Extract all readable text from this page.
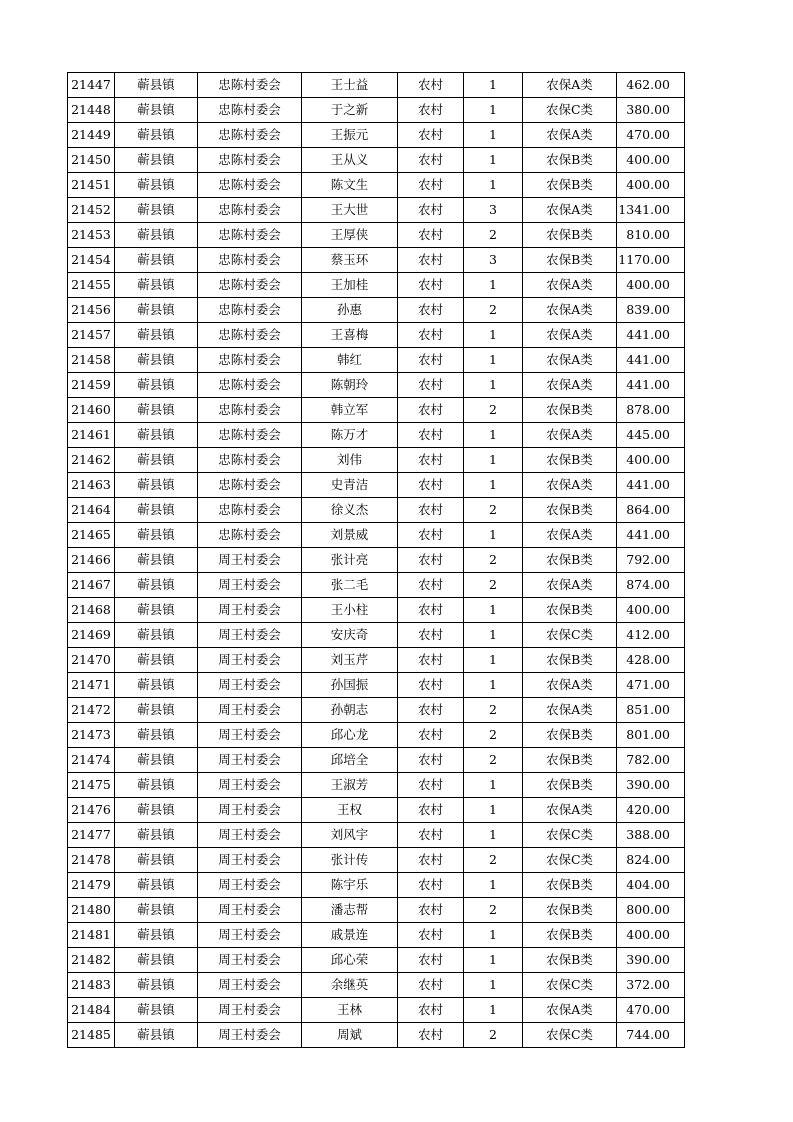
21447	蕲县镇	忠陈村委会	王士益	农村	1	农保A类	462.00
21448	蕲县镇	忠陈村委会	于之新	农村	1	农保C类	380.00
21449	蕲县镇	忠陈村委会	王振元	农村	1	农保A类	470.00
21450	蕲县镇	忠陈村委会	王从义	农村	1	农保B类	400.00
21451	蕲县镇	忠陈村委会	陈文生	农村	1	农保B类	400.00
21452	蕲县镇	忠陈村委会	王大世	农村	3	农保A类	1341.00
21453	蕲县镇	忠陈村委会	王厚侠	农村	2	农保B类	810.00
21454	蕲县镇	忠陈村委会	蔡玉环	农村	3	农保B类	1170.00
21455	蕲县镇	忠陈村委会	王加桂	农村	1	农保A类	400.00
21456	蕲县镇	忠陈村委会	孙惠	农村	2	农保A类	839.00
21457	蕲县镇	忠陈村委会	王喜梅	农村	1	农保A类	441.00
21458	蕲县镇	忠陈村委会	韩红	农村	1	农保A类	441.00
21459	蕲县镇	忠陈村委会	陈朝玲	农村	1	农保A类	441.00
21460	蕲县镇	忠陈村委会	韩立军	农村	2	农保B类	878.00
21461	蕲县镇	忠陈村委会	陈万才	农村	1	农保A类	445.00
21462	蕲县镇	忠陈村委会	刘伟	农村	1	农保B类	400.00
21463	蕲县镇	忠陈村委会	史青洁	农村	1	农保A类	441.00
21464	蕲县镇	忠陈村委会	徐义杰	农村	2	农保B类	864.00
21465	蕲县镇	忠陈村委会	刘景威	农村	1	农保A类	441.00
21466	蕲县镇	周王村委会	张计亮	农村	2	农保B类	792.00
21467	蕲县镇	周王村委会	张二毛	农村	2	农保A类	874.00
21468	蕲县镇	周王村委会	王小柱	农村	1	农保B类	400.00
21469	蕲县镇	周王村委会	安庆奇	农村	1	农保C类	412.00
21470	蕲县镇	周王村委会	刘玉芹	农村	1	农保B类	428.00
21471	蕲县镇	周王村委会	孙国振	农村	1	农保A类	471.00
21472	蕲县镇	周王村委会	孙朝志	农村	2	农保A类	851.00
21473	蕲县镇	周王村委会	邱心龙	农村	2	农保B类	801.00
21474	蕲县镇	周王村委会	邱培全	农村	2	农保B类	782.00
21475	蕲县镇	周王村委会	王淑芳	农村	1	农保B类	390.00
21476	蕲县镇	周王村委会	王权	农村	1	农保A类	420.00
21477	蕲县镇	周王村委会	刘风宇	农村	1	农保C类	388.00
21478	蕲县镇	周王村委会	张计传	农村	2	农保C类	824.00
21479	蕲县镇	周王村委会	陈宇乐	农村	1	农保B类	404.00
21480	蕲县镇	周王村委会	潘志帮	农村	2	农保B类	800.00
21481	蕲县镇	周王村委会	戚景连	农村	1	农保B类	400.00
21482	蕲县镇	周王村委会	邱心荣	农村	1	农保B类	390.00
21483	蕲县镇	周王村委会	余继英	农村	1	农保C类	372.00
21484	蕲县镇	周王村委会	王林	农村	1	农保A类	470.00
21485	蕲县镇	周王村委会	周斌	农村	2	农保C类	744.00
